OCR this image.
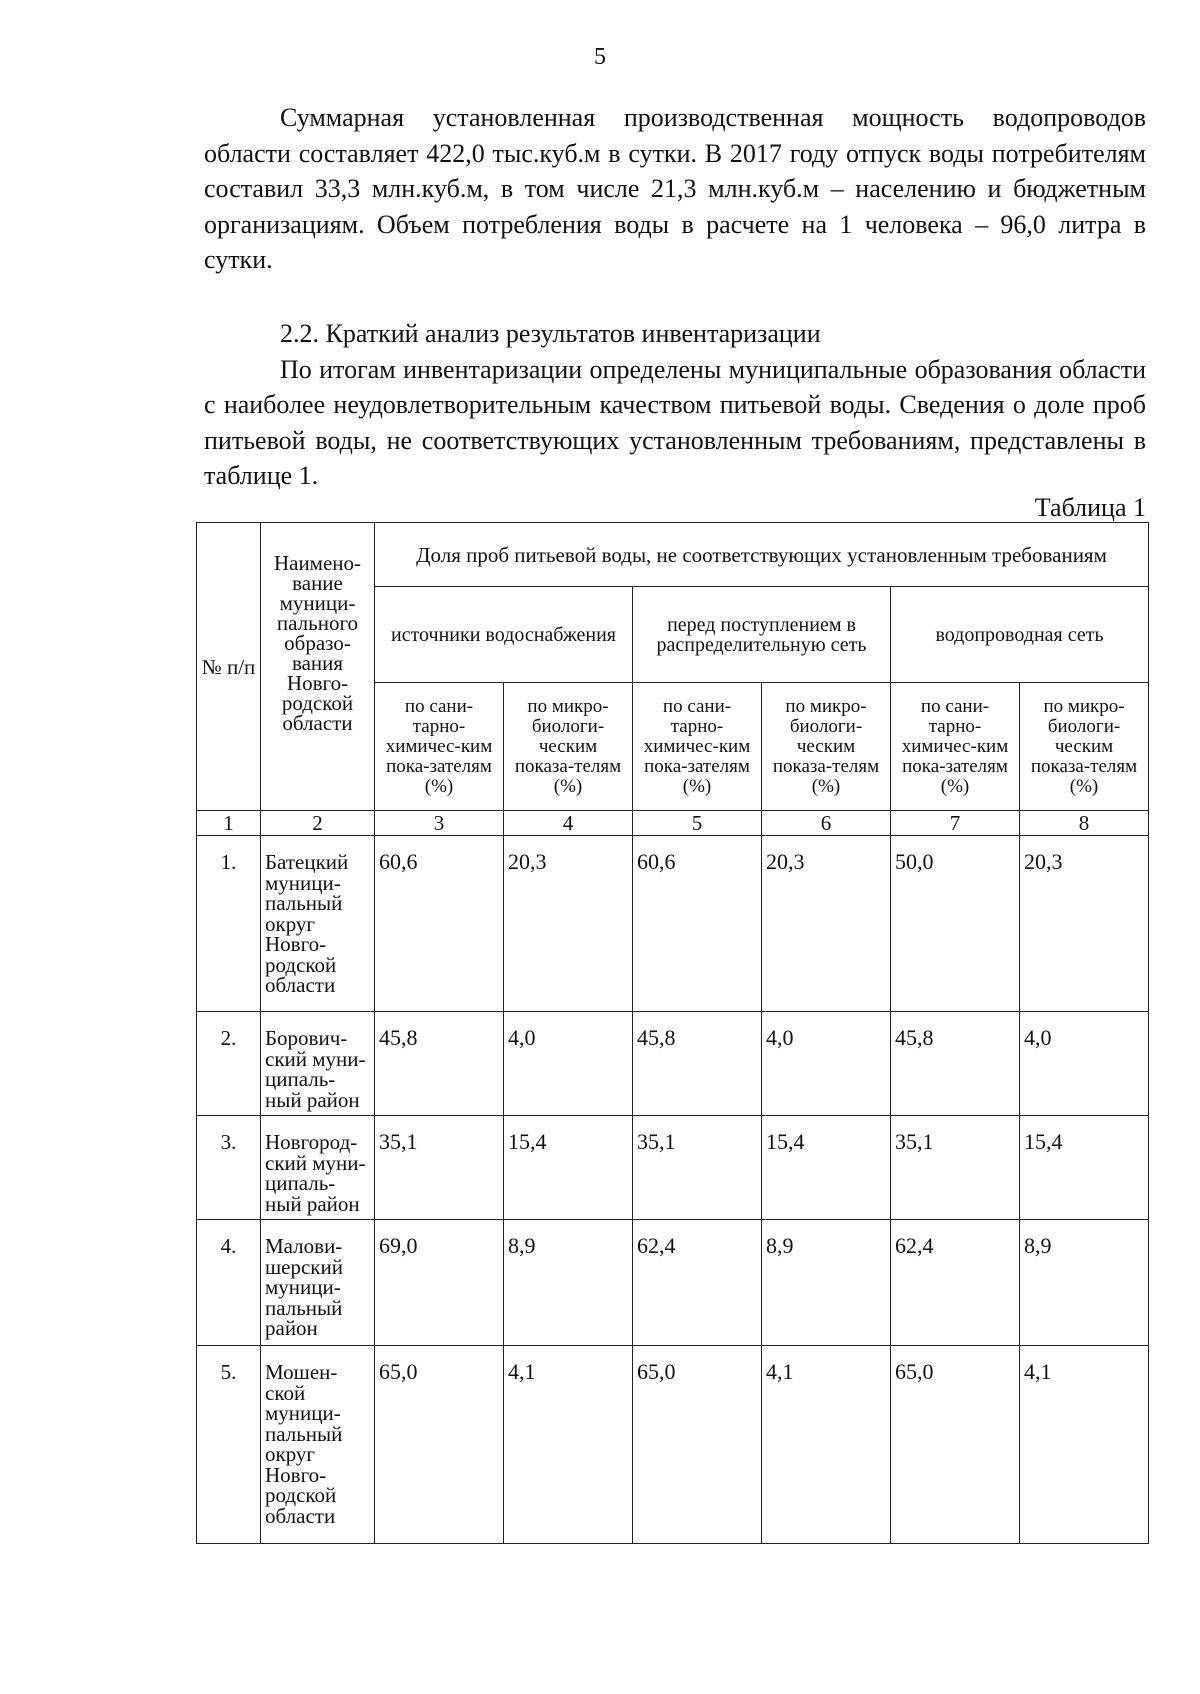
5

Суммарная установленная производственная мощность водопроводов области составляет 422,0 тыс.куб.м в сутки. В 2017 году отпуск воды потребителям составил 33,3 млн.куб.м, в том числе 21,3 млн.куб.м – населению и бюджетным организациям. Объем потребления воды в расчете на 1 человека – 96,0 литра в сутки.

2.2. Краткий анализ результатов инвентаризации

По итогам инвентаризации определены муниципальные образования области с наиболее неудовлетворительным качеством питьевой воды. Сведения о доле проб питьевой воды, не соответствующих установленным требованиям, представлены в таблице 1.

Таблица 1

№ п/п	Наимено-вание муници-пального образо-вания Новго-родской области	Доля проб питьевой воды, не соответствующих установленным требованиям					
		источники водоснабжения		перед поступлением в распределительную сеть		водопроводная сеть	
		по сани-тарно-химичес-ким пока-зателям (%)	по микро-биологи-ческим показа-телям (%)	по сани-тарно-химичес-ким пока-зателям (%)	по микро-биологи-ческим показа-телям (%)	по сани-тарно-химичес-ким пока-зателям (%)	по микро-биологи-ческим показа-телям (%)
1	2	3	4	5	6	7	8
1.	Батецкий муници-пальный округ Новго-родской области	60,6	20,3	60,6	20,3	50,0	20,3
2.	Борович-ский муни-ципаль-ный район	45,8	4,0	45,8	4,0	45,8	4,0
3.	Новгород-ский муни-ципаль-ный район	35,1	15,4	35,1	15,4	35,1	15,4
4.	Малови-шерский муници-пальный район	69,0	8,9	62,4	8,9	62,4	8,9
5.	Мошен-ской муници-пальный округ Новго-родской области	65,0	4,1	65,0	4,1	65,0	4,1
